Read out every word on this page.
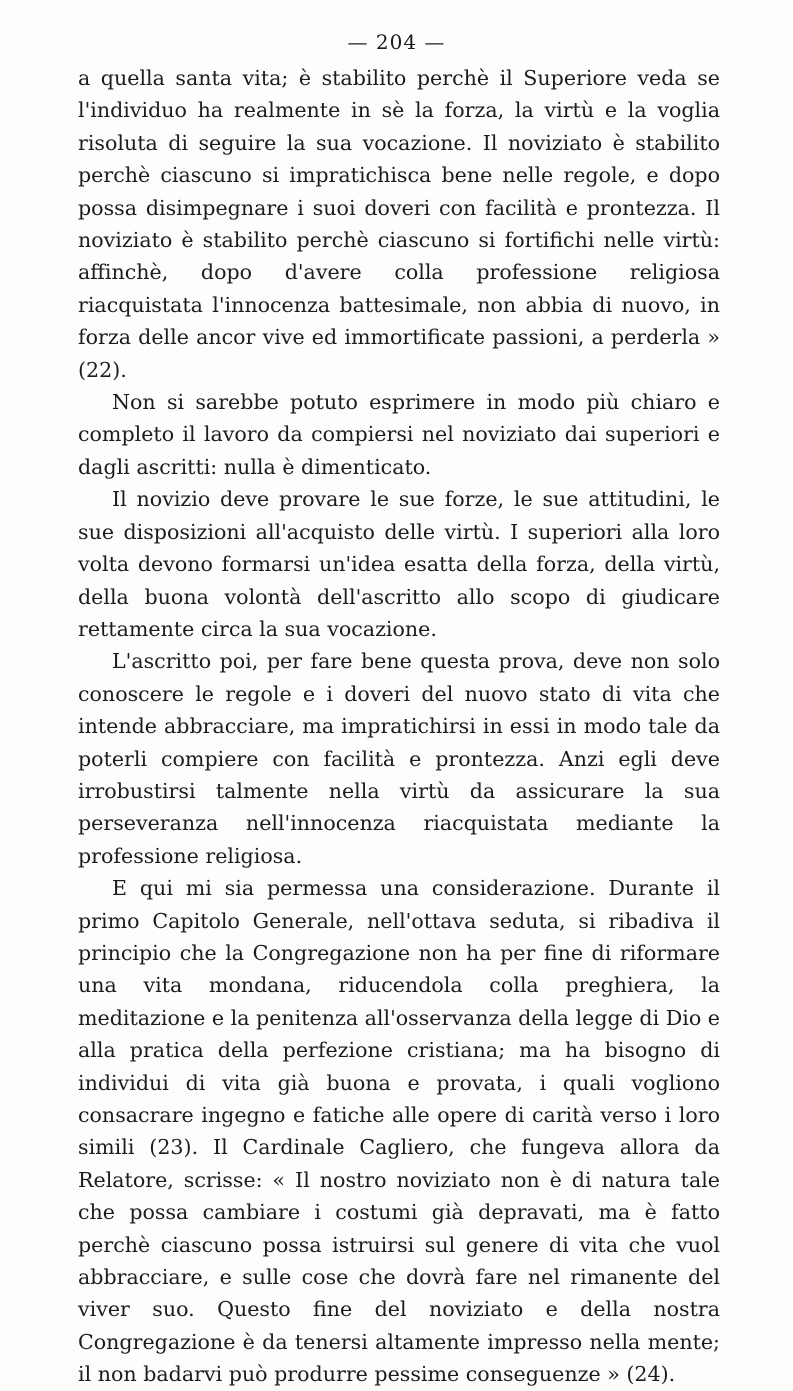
— 204 —

a quella santa vita; è stabilito perchè il Superiore veda se l'individuo ha realmente in sè la forza, la virtù e la voglia risoluta di seguire la sua vocazione. Il noviziato è stabilito perchè ciascuno si impratichisca bene nelle regole, e dopo possa disimpegnare i suoi doveri con facilità e prontezza. Il noviziato è stabilito perchè ciascuno si fortifichi nelle virtù: affinchè, dopo d'avere colla professione religiosa riacquistata l'innocenza battesimale, non abbia di nuovo, in forza delle ancor vive ed immortificate passioni, a perderla » (22).

Non si sarebbe potuto esprimere in modo più chiaro e completo il lavoro da compiersi nel noviziato dai superiori e dagli ascritti: nulla è dimenticato.

Il novizio deve provare le sue forze, le sue attitudini, le sue disposizioni all'acquisto delle virtù. I superiori alla loro volta devono formarsi un'idea esatta della forza, della virtù, della buona volontà dell'ascritto allo scopo di giudicare rettamente circa la sua vocazione.

L'ascritto poi, per fare bene questa prova, deve non solo conoscere le regole e i doveri del nuovo stato di vita che intende abbracciare, ma impratichirsi in essi in modo tale da poterli compiere con facilità e prontezza. Anzi egli deve irrobustirsi talmente nella virtù da assicurare la sua perseveranza nell'innocenza riacquistata mediante la professione religiosa.

E qui mi sia permessa una considerazione. Durante il primo Capitolo Generale, nell'ottava seduta, si ribadiva il principio che la Congregazione non ha per fine di riformare una vita mondana, riducendola colla preghiera, la meditazione e la penitenza all'osservanza della legge di Dio e alla pratica della perfezione cristiana; ma ha bisogno di individui di vita già buona e provata, i quali vogliono consacrare ingegno e fatiche alle opere di carità verso i loro simili (23). Il Cardinale Cagliero, che fungeva allora da Relatore, scrisse: « Il nostro noviziato non è di natura tale che possa cambiare i costumi già depravati, ma è fatto perchè ciascuno possa istruirsi sul genere di vita che vuol abbracciare, e sulle cose che dovrà fare nel rimanente del viver suo. Questo fine del noviziato e della nostra Congregazione è da tenersi altamente impresso nella mente; il non badarvi può produrre pessime conseguenze » (24).
